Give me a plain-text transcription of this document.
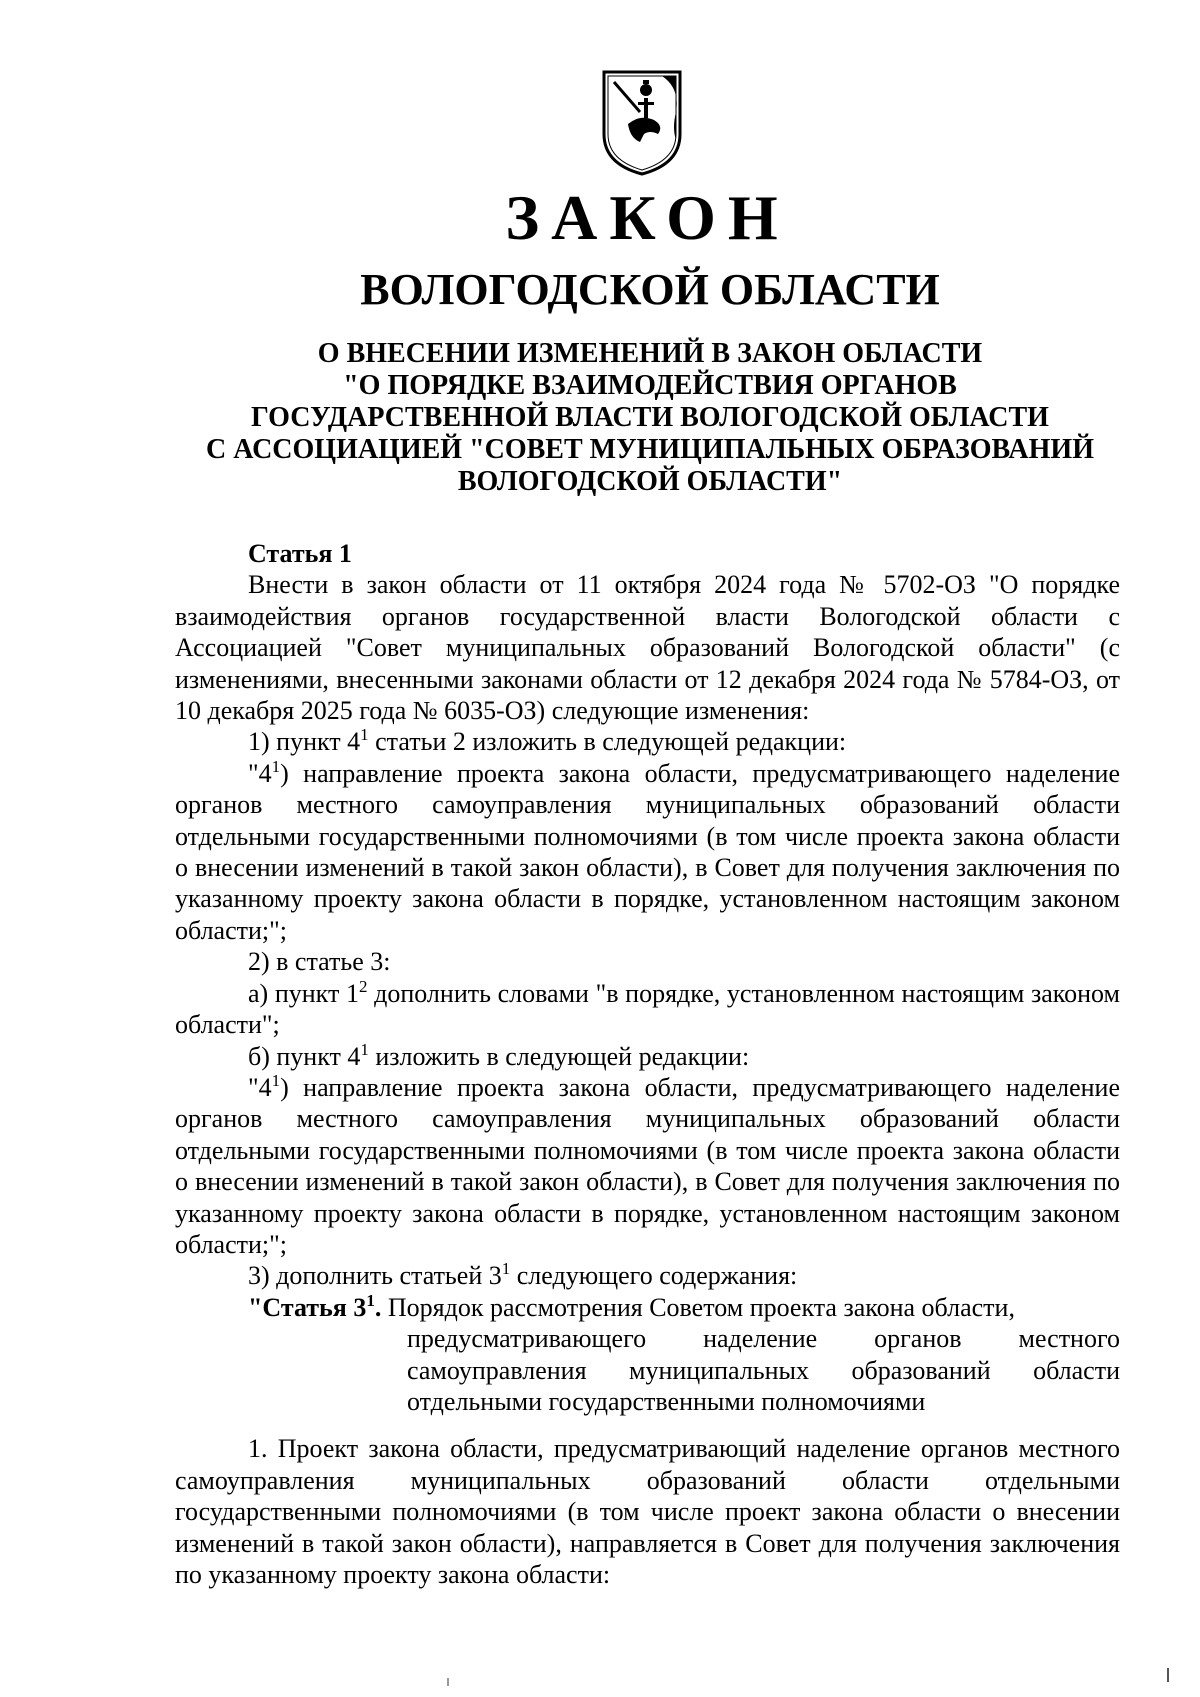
ЗАКОН
ВОЛОГОДСКОЙ ОБЛАСТИ
О ВНЕСЕНИИ ИЗМЕНЕНИЙ В ЗАКОН ОБЛАСТИ
"О ПОРЯДКЕ ВЗАИМОДЕЙСТВИЯ ОРГАНОВ
ГОСУДАРСТВЕННОЙ ВЛАСТИ ВОЛОГОДСКОЙ ОБЛАСТИ
С АССОЦИАЦИЕЙ "СОВЕТ МУНИЦИПАЛЬНЫХ ОБРАЗОВАНИЙ
ВОЛОГОДСКОЙ ОБЛАСТИ"

Статья 1

Внести в закон области от 11 октября 2024 года № 5702-ОЗ "О порядке взаимодействия органов государственной власти Вологодской области с Ассоциацией "Совет муниципальных образований Вологодской области" (с изменениями, внесенными законами области от 12 декабря 2024 года № 5784-ОЗ, от 10 декабря 2025 года № 6035-ОЗ) следующие изменения:

1) пункт $4^1$ статьи 2 изложить в следующей редакции:

"$4^1$) направление проекта закона области, предусматривающего наделение органов местного самоуправления муниципальных образований области отдельными государственными полномочиями (в том числе проекта закона области о внесении изменений в такой закон области), в Совет для получения заключения по указанному проекту закона области в порядке, установленном настоящим законом области;";

2) в статье 3:

а) пункт $1^2$ дополнить словами "в порядке, установленном настоящим законом области";

б) пункт $4^1$ изложить в следующей редакции:

"$4^1$) направление проекта закона области, предусматривающего наделение органов местного самоуправления муниципальных образований области отдельными государственными полномочиями (в том числе проекта закона области о внесении изменений в такой закон области), в Совет для получения заключения по указанному проекту закона области в порядке, установленном настоящим законом области;";

3) дополнить статьей $3^1$ следующего содержания:

"Статья $3^1$. Порядок рассмотрения Советом проекта закона области,

предусматривающего наделение органов местного самоуправления муниципальных образований области отдельными государственными полномочиями

1. Проект закона области, предусматривающий наделение органов местного самоуправления муниципальных образований области отдельными государственными полномочиями (в том числе проект закона области о внесении изменений в такой закон области), направляется в Совет для получения заключения по указанному проекту закона области:
